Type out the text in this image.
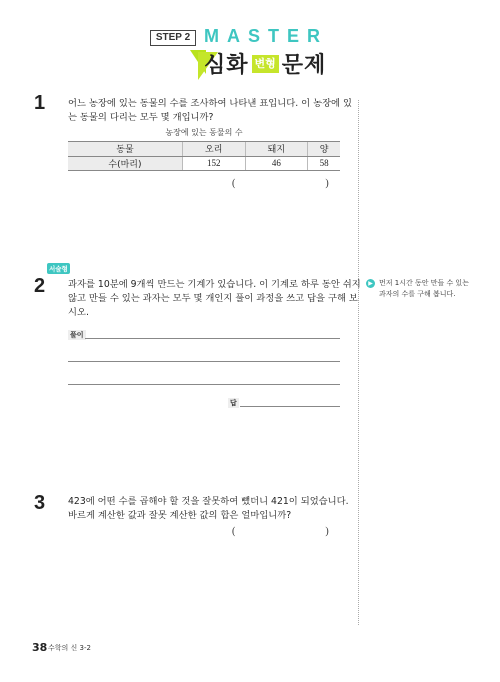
STEP 2 MASTER
심화 변형 문제
1 어느 농장에 있는 동물의 수를 조사하여 나타낸 표입니다. 이 농장에 있
는 동물의 다리는 모두 몇 개입니까?
농장에 있는 동물의 수
동물	오리	돼지	양
수(마리)	152	46	58
(                                    )
서술형
2 과자를 10분에 9개씩 만드는 기계가 있습니다. 이 기계로 하루 동안 쉬지
않고 만들 수 있는 과자는 모두 몇 개인지 풀이 과정을 쓰고 답을 구해 보
시오.
풀이
답
▶ 먼저 1시간 동안 만들 수 있는
과자의 수를 구해 봅니다.
3 423에 어떤 수를 곱해야 할 것을 잘못하여 뺐더니 421이 되었습니다.
바르게 계산한 값과 잘못 계산한 값의 합은 얼마입니까?
(                                    )
38 수학의 신 3-2
